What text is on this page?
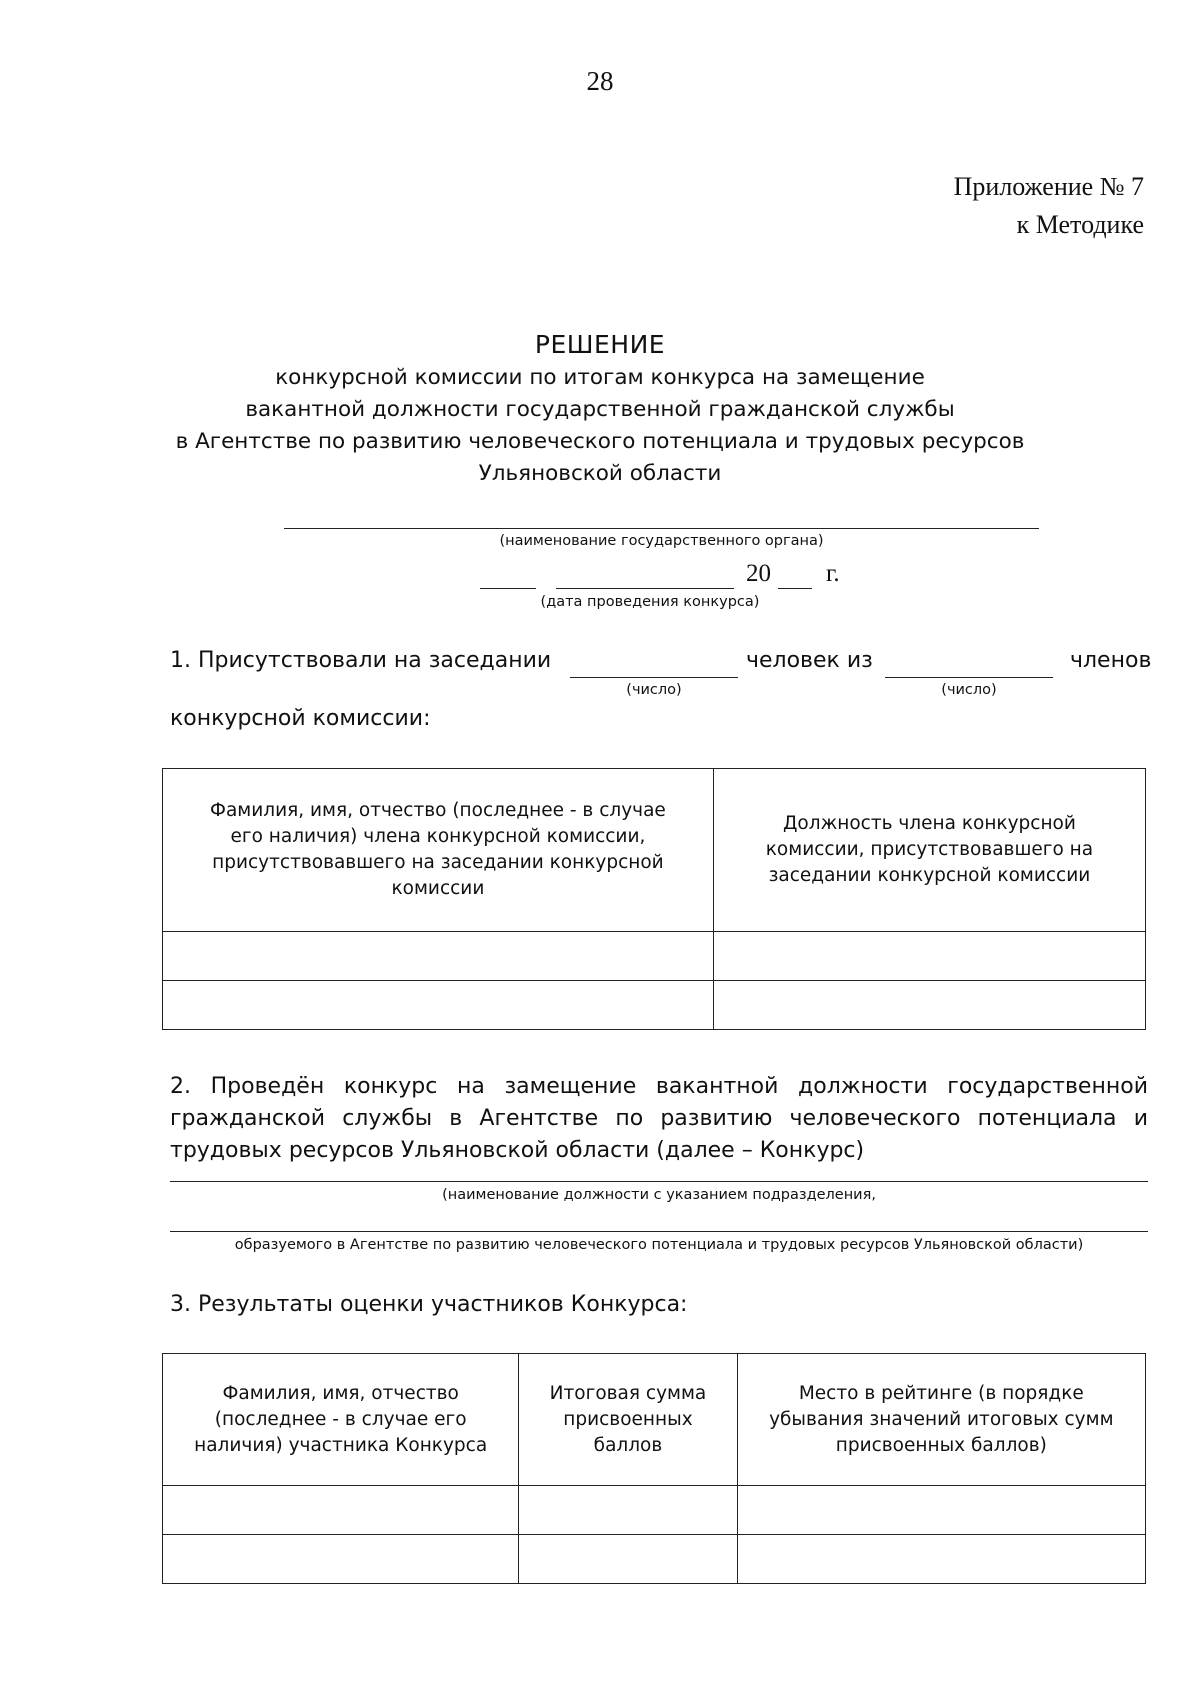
28
Приложение № 7
к Методике
РЕШЕНИЕ
конкурсной комиссии по итогам конкурса на замещение
вакантной должности государственной гражданской службы
в Агентстве по развитию человеческого потенциала и трудовых ресурсов
Ульяновской области
(наименование государственного органа)
20 г.
(дата проведения конкурса)
1. Присутствовали на заседании	человек из	членов
(число)	(число)
конкурсной комиссии:
Фамилия, имя, отчество (последнее - в случае его наличия) члена конкурсной комиссии, присутствовавшего на заседании конкурсной комиссии	Должность члена конкурсной комиссии, присутствовавшего на заседании конкурсной комиссии

2. Проведён конкурс на замещение вакантной должности государственной
гражданской службы в Агентстве по развитию человеческого потенциала и
трудовых ресурсов Ульяновской области (далее – Конкурс)
(наименование должности с указанием подразделения,
образуемого в Агентстве по развитию человеческого потенциала и трудовых ресурсов Ульяновской области)
3. Результаты оценки участников Конкурса:
Фамилия, имя, отчество (последнее - в случае его наличия) участника Конкурса	Итоговая сумма присвоенных баллов	Место в рейтинге (в порядке убывания значений итоговых сумм присвоенных баллов)
